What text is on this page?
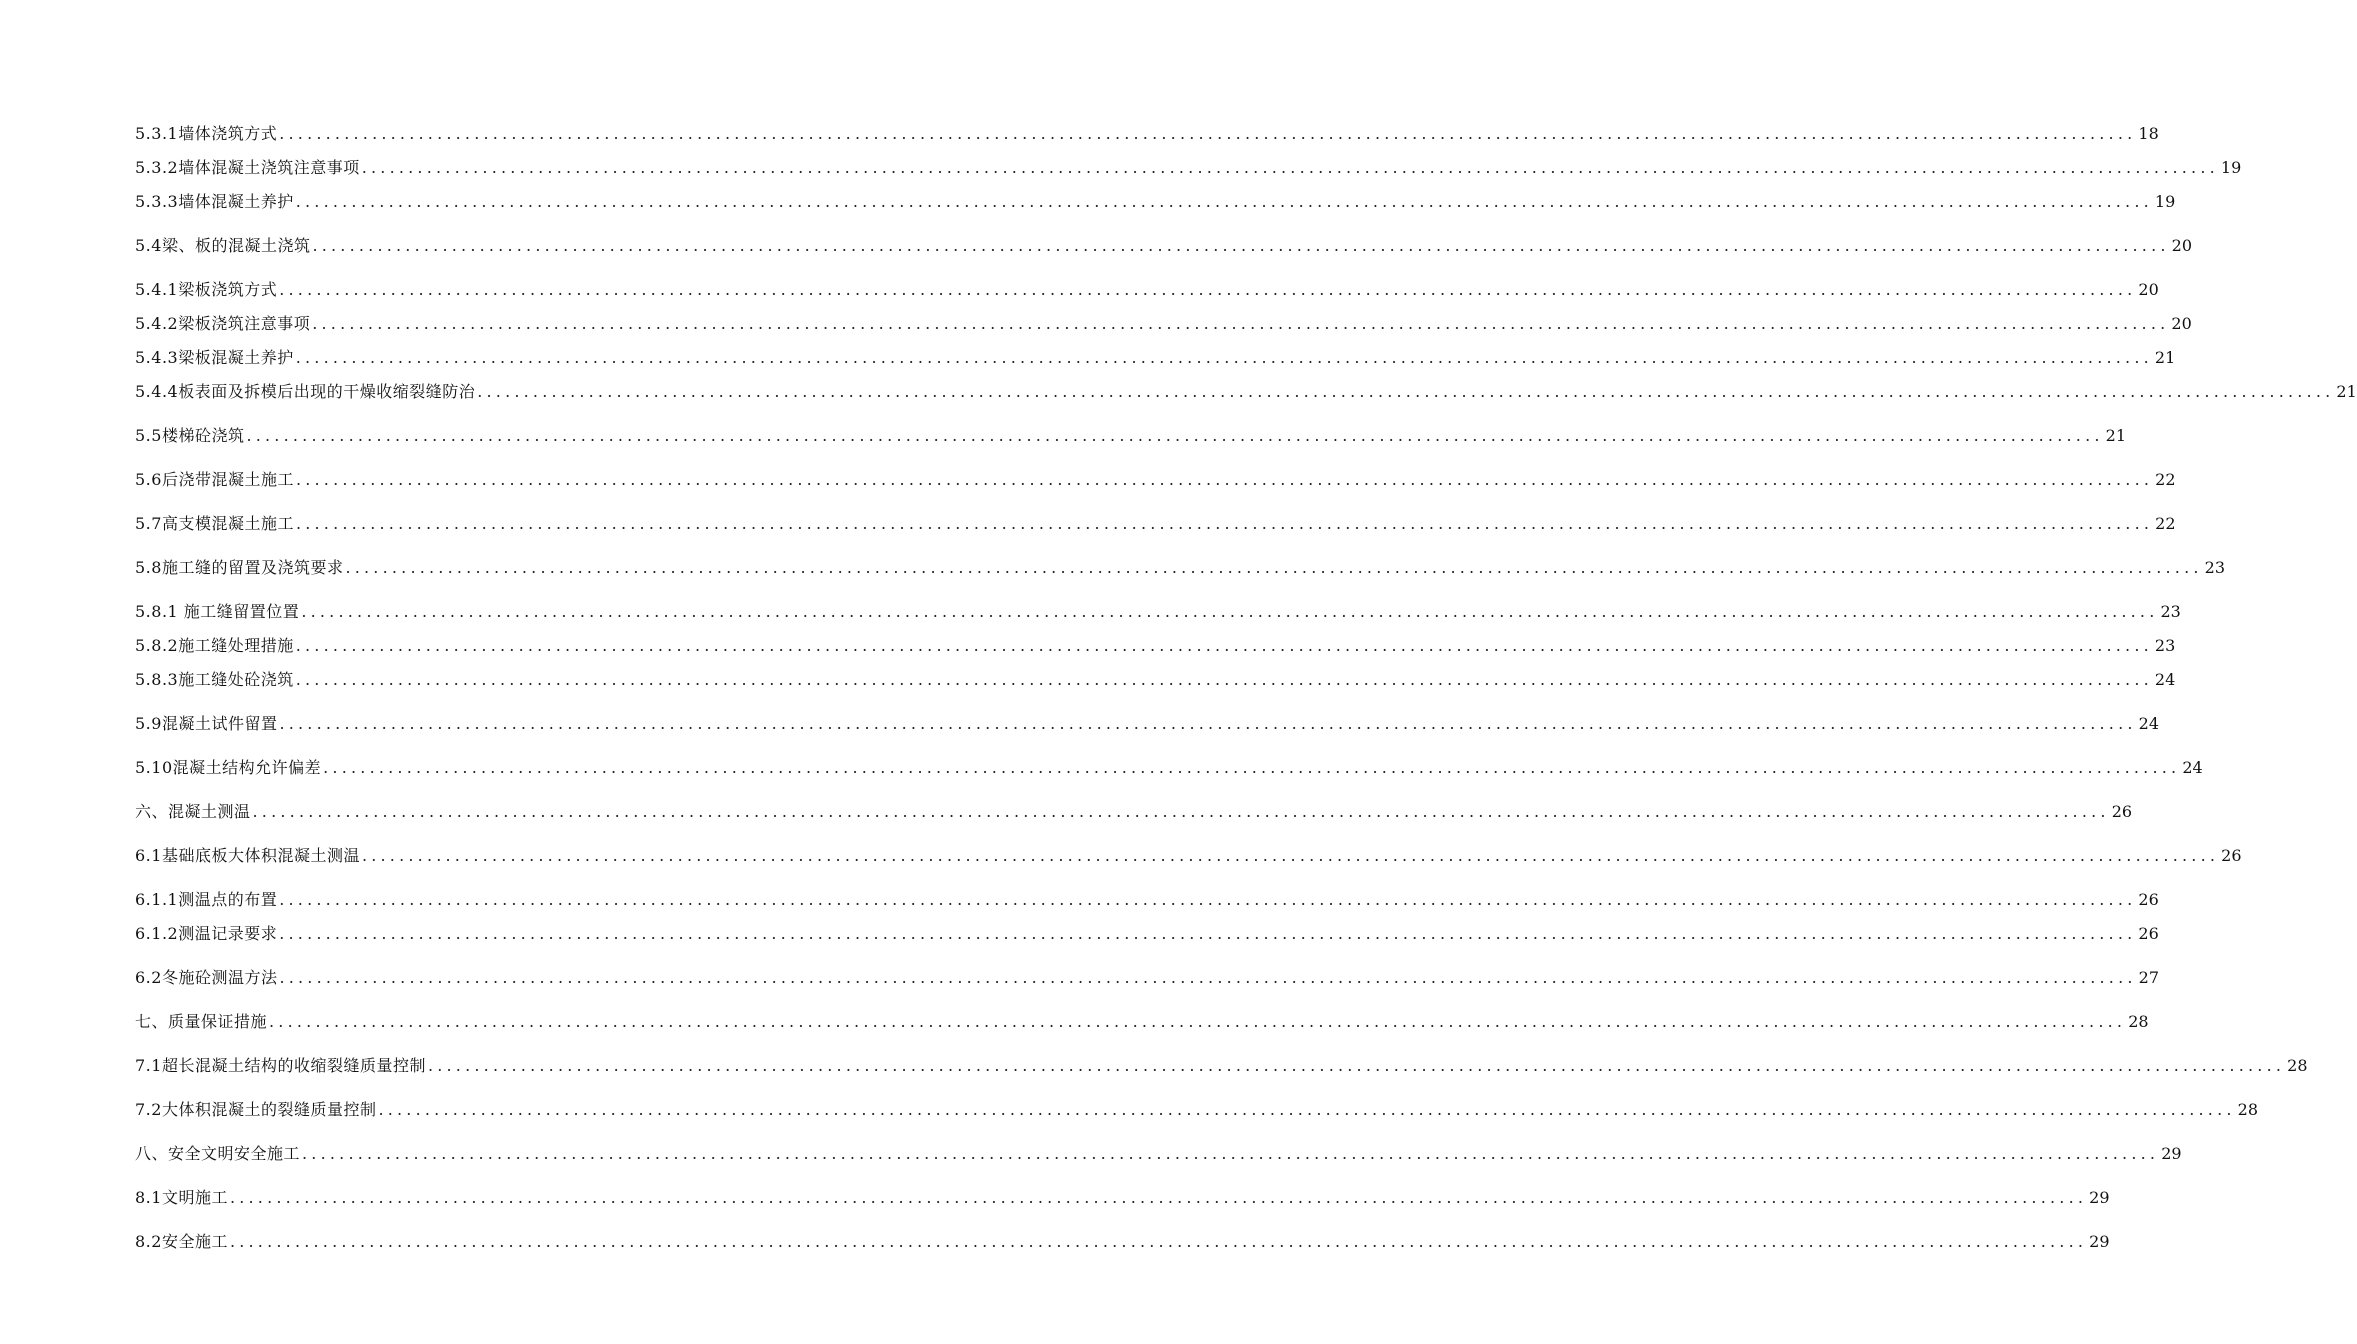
5.3.1墙体浇筑方式 ........................................................................................................................................................................................................ 18
5.3.2墙体混凝土浇筑注意事项 ........................................................................................................................................................................................................ 19
5.3.3墙体混凝土养护 ........................................................................................................................................................................................................ 19
5.4梁、板的混凝土浇筑 ........................................................................................................................................................................................................ 20
5.4.1梁板浇筑方式 ........................................................................................................................................................................................................ 20
5.4.2梁板浇筑注意事项 ........................................................................................................................................................................................................ 20
5.4.3梁板混凝土养护 ........................................................................................................................................................................................................ 21
5.4.4板表面及拆模后出现的干燥收缩裂缝防治 ........................................................................................................................................................................................................ 21
5.5楼梯砼浇筑 ........................................................................................................................................................................................................ 21
5.6后浇带混凝土施工 ........................................................................................................................................................................................................ 22
5.7高支模混凝土施工 ........................................................................................................................................................................................................ 22
5.8施工缝的留置及浇筑要求 ........................................................................................................................................................................................................ 23
5.8.1 施工缝留置位置 ........................................................................................................................................................................................................ 23
5.8.2施工缝处理措施 ........................................................................................................................................................................................................ 23
5.8.3施工缝处砼浇筑 ........................................................................................................................................................................................................ 24
5.9混凝土试件留置 ........................................................................................................................................................................................................ 24
5.10混凝土结构允许偏差 ........................................................................................................................................................................................................ 24
六、混凝土测温 ........................................................................................................................................................................................................ 26
6.1基础底板大体积混凝土测温 ........................................................................................................................................................................................................ 26
6.1.1测温点的布置 ........................................................................................................................................................................................................ 26
6.1.2测温记录要求 ........................................................................................................................................................................................................ 26
6.2冬施砼测温方法 ........................................................................................................................................................................................................ 27
七、质量保证措施 ........................................................................................................................................................................................................ 28
7.1超长混凝土结构的收缩裂缝质量控制 ........................................................................................................................................................................................................ 28
7.2大体积混凝土的裂缝质量控制 ........................................................................................................................................................................................................ 28
八、安全文明安全施工 ........................................................................................................................................................................................................ 29
8.1文明施工 ........................................................................................................................................................................................................ 29
8.2安全施工 ........................................................................................................................................................................................................ 29
